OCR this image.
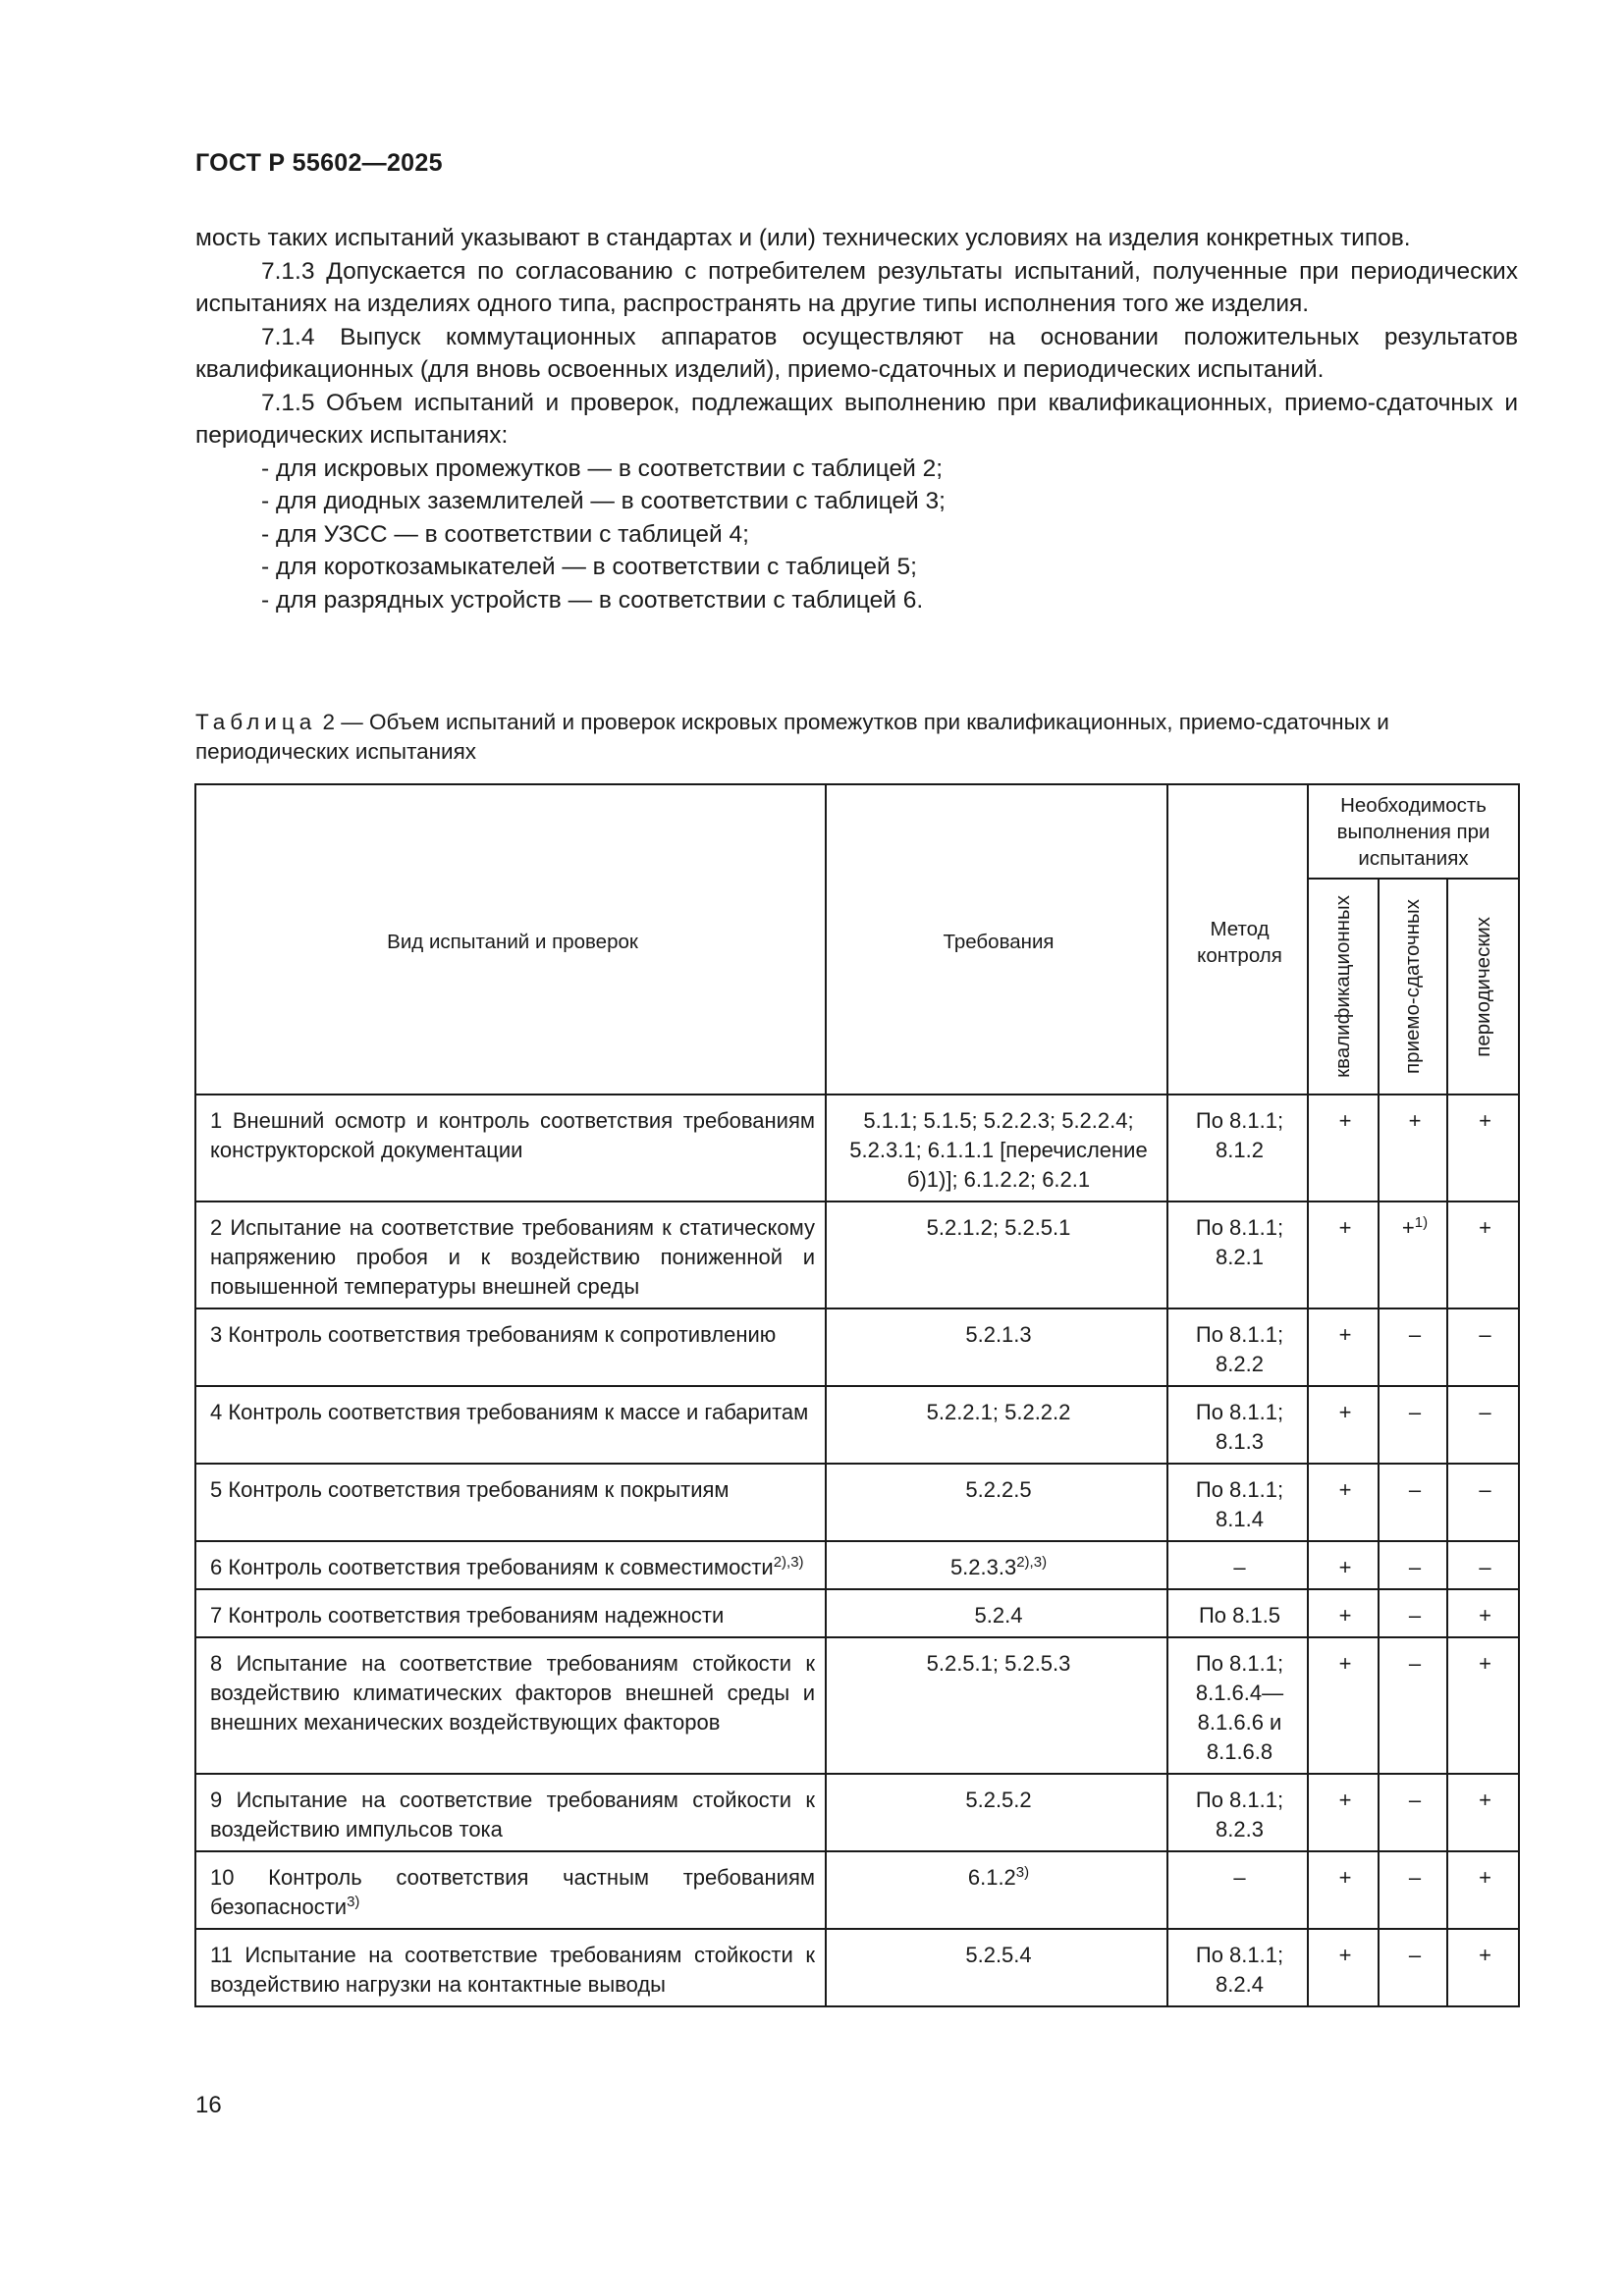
ГОСТ Р 55602—2025

мость таких испытаний указывают в стандартах и (или) технических условиях на изделия конкретных типов.

7.1.3 Допускается по согласованию с потребителем результаты испытаний, полученные при периодических испытаниях на изделиях одного типа, распространять на другие типы исполнения того же изделия.

7.1.4 Выпуск коммутационных аппаратов осуществляют на основании положительных результатов квалификационных (для вновь освоенных изделий), приемо-сдаточных и периодических испытаний.

7.1.5 Объем испытаний и проверок, подлежащих выполнению при квалификационных, приемо-сдаточных и периодических испытаниях:

- для искровых промежутков — в соответствии с таблицей 2;
- для диодных заземлителей — в соответствии с таблицей 3;
- для УЗСС — в соответствии с таблицей 4;
- для короткозамыкателей — в соответствии с таблицей 5;
- для разрядных устройств — в соответствии с таблицей 6.
Таблица 2 — Объем испытаний и проверок искровых промежутков при квалификационных, приемо-сдаточных и периодических испытаниях
Вид испытаний и проверок	Требования	Метод контроля	Необходимость выполнения при испытаниях		

			квалификационных	приемо-сдаточных	периодических

1 Внешний осмотр и контроль соответствия требованиям конструкторской документации	5.1.1; 5.1.5; 5.2.2.3; 5.2.2.4; 5.2.3.1; 6.1.1.1 [перечисление б)1)]; 6.1.2.2; 6.2.1	По 8.1.1; 8.1.2	+	+	+
2 Испытание на соответствие требованиям к статическому напряжению пробоя и к воздействию пониженной и повышенной температуры внешней среды	5.2.1.2; 5.2.5.1	По 8.1.1; 8.2.1	+	+$^{1)}$	+
3 Контроль соответствия требованиям к сопротивлению	5.2.1.3	По 8.1.1; 8.2.2	+	–	–
4 Контроль соответствия требованиям к массе и габаритам	5.2.2.1; 5.2.2.2	По 8.1.1; 8.1.3	+	–	–
5 Контроль соответствия требованиям к покрытиям	5.2.2.5	По 8.1.1; 8.1.4	+	–	–
6 Контроль соответствия требованиям к совместимости$^{2),3)}$	$5.2.3.3^{2),3)}$	–	+	–	–
7 Контроль соответствия требованиям надежности	5.2.4	По 8.1.5	+	–	+
8 Испытание на соответствие требованиям стойкости к воздействию климатических факторов внешней среды и внешних механических воздействующих факторов	5.2.5.1; 5.2.5.3	По 8.1.1; 8.1.6.4— 8.1.6.6 и 8.1.6.8	+	–	+
9 Испытание на соответствие требованиям стойкости к воздействию импульсов тока	5.2.5.2	По 8.1.1; 8.2.3	+	–	+
10 Контроль соответствия частным требованиям безопасности$^{3)}$	6.1.2$^{3)}$	–	+	–	+
11 Испытание на соответствие требованиям стойкости к воздействию нагрузки на контактные выводы	5.2.5.4	По 8.1.1; 8.2.4	+	–	+
16
